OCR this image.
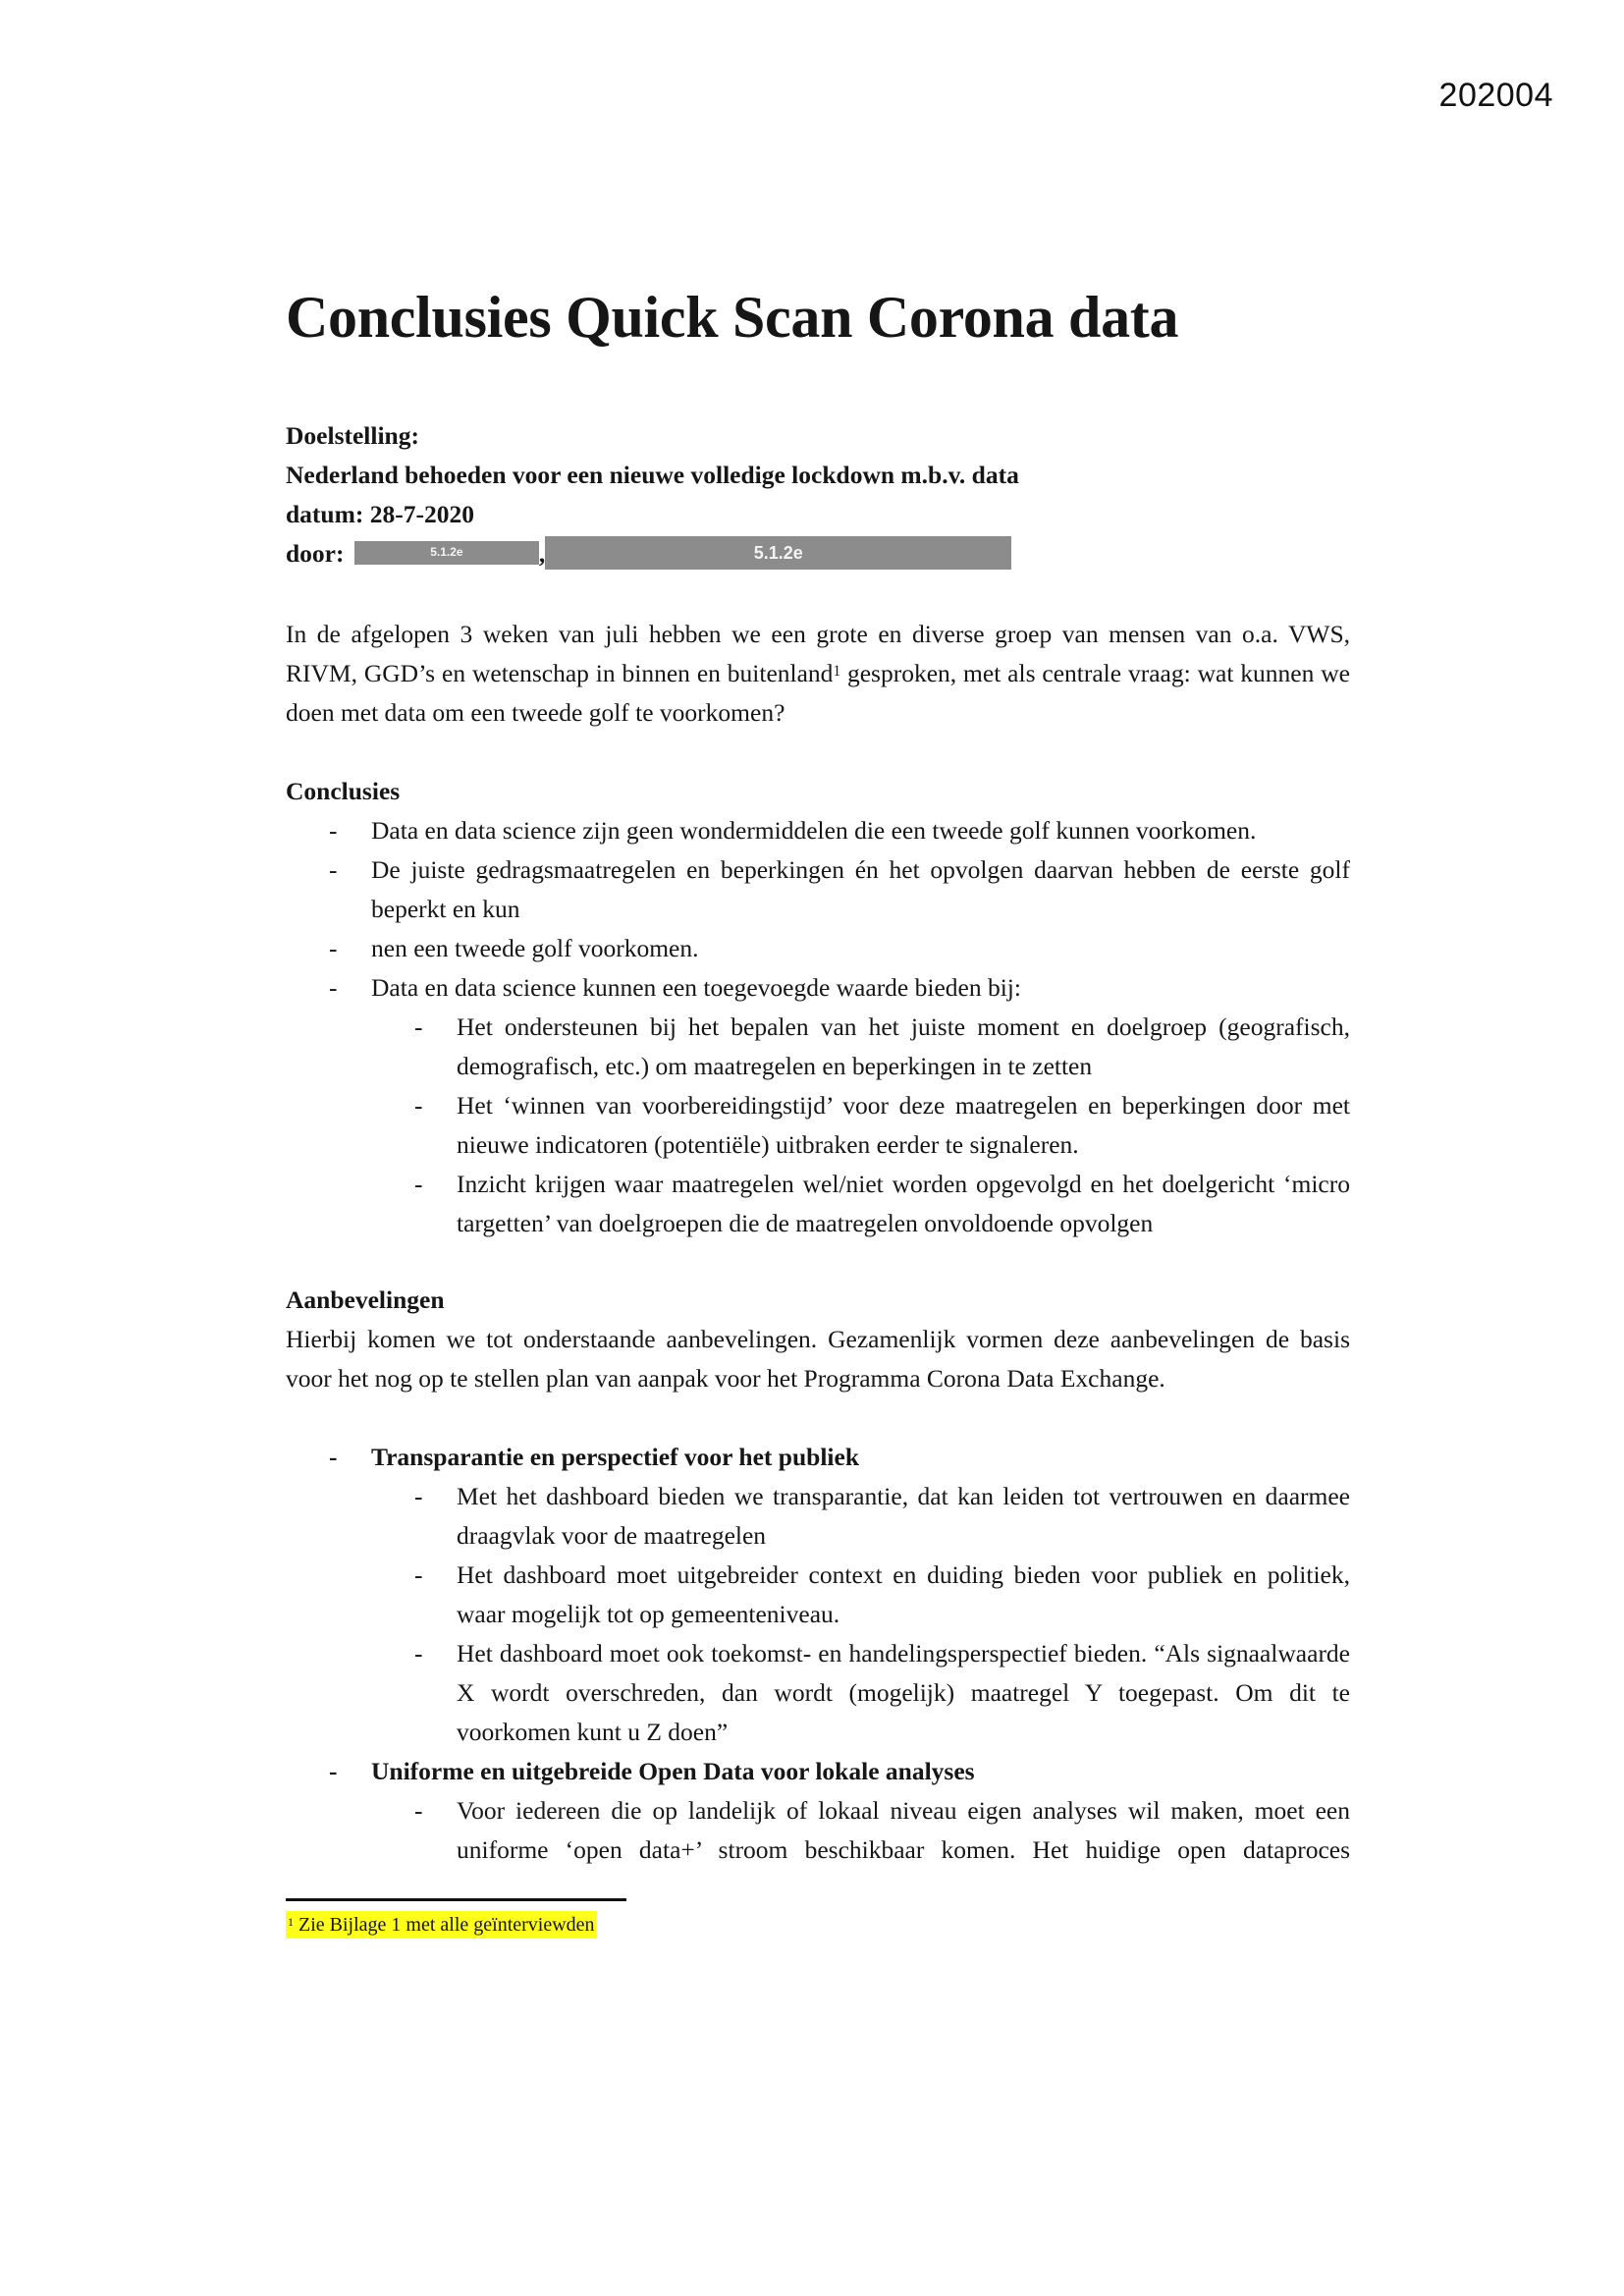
202004
Conclusies Quick Scan Corona data
Doelstelling:
Nederland behoeden voor een nieuwe volledige lockdown m.b.v. data
datum: 28-7-2020
door:	5.1.2e	,	5.1.2e

In de afgelopen 3 weken van juli hebben we een grote en diverse groep van mensen van o.a. VWS, RIVM, GGD’s en wetenschap in binnen en buitenland$^1$ gesproken, met als centrale vraag: wat kunnen we doen met data om een tweede golf te voorkomen?

Conclusies
- Data en data science zijn geen wondermiddelen die een tweede golf kunnen voorkomen.
- De juiste gedragsmaatregelen en beperkingen én het opvolgen daarvan hebben de eerste golf beperkt en kun
- nen een tweede golf voorkomen.
- Data en data science kunnen een toegevoegde waarde bieden bij:
- Het ondersteunen bij het bepalen van het juiste moment en doelgroep (geografisch, demografisch, etc.) om maatregelen en beperkingen in te zetten
- Het ‘winnen van voorbereidingstijd’ voor deze maatregelen en beperkingen door met nieuwe indicatoren (potentiële) uitbraken eerder te signaleren.
- Inzicht krijgen waar maatregelen wel/niet worden opgevolgd en het doelgericht ‘micro targetten’ van doelgroepen die de maatregelen onvoldoende opvolgen
Aanbevelingen

Hierbij komen we tot onderstaande aanbevelingen. Gezamenlijk vormen deze aanbevelingen de basis voor het nog op te stellen plan van aanpak voor het Programma Corona Data Exchange.

- Transparantie en perspectief voor het publiek
- Met het dashboard bieden we transparantie, dat kan leiden tot vertrouwen en daarmee draagvlak voor de maatregelen
- Het dashboard moet uitgebreider context en duiding bieden voor publiek en politiek, waar mogelijk tot op gemeenteniveau.
- Het dashboard moet ook toekomst- en handelingsperspectief bieden. “Als signaalwaarde X wordt overschreden, dan wordt (mogelijk) maatregel Y toegepast. Om dit te voorkomen kunt u Z doen”
- Uniforme en uitgebreide Open Data voor lokale analyses
- Voor iedereen die op landelijk of lokaal niveau eigen analyses wil maken, moet een uniforme ‘open data+’ stroom beschikbaar komen. Het huidige open dataproces
$^1$ Zie Bijlage 1 met alle geïnterviewden
